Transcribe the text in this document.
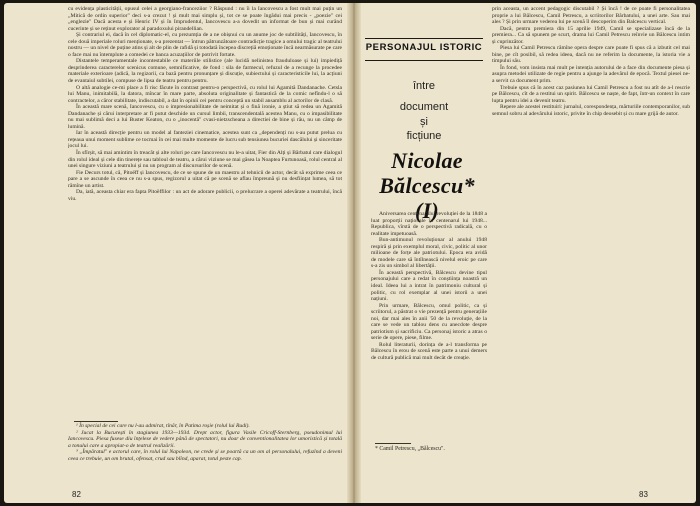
cu evidența plasticității, opusul celei a georgiano-franceziior ? Răspund : nu îi la Iancovescu a fost mult mai puțin un „Mitică de ordin superior" deci s-a crezut ! și mult mai simplu și, tot ce se poate îngădui mai precis - „poezie" cei „englezie" Dacă acesta e și Henric IV și în Imprudentul, Iancovescu a-a dovedit un informat de bun și mai curând cucerinte și se reținut explorator al paradoxului pirandellian.

Și contrariul ei, dacă în cel diplomatic-el, cu prezumția de a ne obișnui cu un anume joc de subtilități, Iancovescu, în cele două imperiale roluri menționate, s-a prezentat — întrun pătrunzătoare contradicție tragice a omului tragic al teatrului nostru — un nivel de puține atins și alt de plin de rafidă și totodată începea discrețiă emoționate încă nearmăsurate pe care o face mai nu întemplute a comedei ce banca acuzațiilor de potrivit fortate.

Distantele temperamentale incontestabile ce materiile stilistice (ale lucidă nelinistea frauduloase și lui) impiediță desprinderea caracterelor scenicus comune, semnificative, de fond : sila de farmecul, refuzul de a recunge la procedee materiale exterioare (adică, la regizorii, ca bază pentru pronunțare și discuție, subiectului și caracteristicile lui, la acțiuni de evantaiul subtilei, compuse de lipsa de teatru pentru pentru.

O altă analogie ce-mi place a fi risc făcute în contrast pentru-o perspectivă, cu rolul lui Agamită Dandanache. Cetsla lui Manu, inimitabilă, la datora, mîncar în mare parte, absoluta originalitate și fantastică de la comic nefîndu-l o să contractelor, a căror stabilitate, indiscutabil, a dat în opinii cei pentru conceptă un stabil ansamblu al actorilor de clasă.

În această mare scenă, Iancovescu, cu o impresionabilitate de neimitat și o fină ironie, a știut să redea un Agamită Dandanache și cărui interpretare ar fi putut deschide un cursul limbii, transcendentală acestea Manu, cu o impasibilitate nu mai sublimă deci a lui Buster Keaton, cu o „inocentă" cvasi-nietzscheana a directiei de bine și rău, nu un câmp de lumină.

Iar în această direcție pentru un model al fanteziei cinematice, acestea sunt ca „dependenți nu s-au putut prelua cu rețeaua unui moment sublime ce tocmai în cei mai multe momente de lucru sub tensiunea bucuriei dascălului și sinceritate jocul lui.

În sfîrșit, să mai amintim în treacăt și alte roluri pe care Iancovescu nu le-a uitat, Fier din Alți și Bărbatul care dialogul din rolul ideal și cele din tinerețe sau tabloul de teatru, a cărui viziune se mai găsea la Noaptea Furtunoasă, rolul central al unei singure viziuni a teatrului și nu un program al discursurilor de scenă.

Fie Decurs totul, că, Pitoëff și Iancovescu, de ce se spune de un maestru al tehnicii de actor, decât să exprime ceea ce pare a se ascunde în ceea ce nu s-a spus, regizorul a uitat că pe scenă se aflau împreună și nu desființat lumea, să tot rămîne un artist.

Da, iată, aceasta chiar era fapta Pitoëffilor : un act de adorare publicii, o prelucrare a operei adevărate a teatrului, încă viu.

¹ În special de cei care nu l-au admirat, tînăr, în Patima roșie (rolul lui Rudi).

² Jucat la București în stagiunea 1933—1934. Drept actor, figura Vasile Cricoff-Sternberg, pseudonimul lui Iancovescu. Piesa fusese diu înțelese de vedere până de spectatori, nu doar de conventionalitatea lor umoristică și totală a tonului care a apropiat-o de teatrul realizării.

³ „Împăratul" e actorul care, în rolul lui Napoleon, ne crede și se poartă ca un om al personalului, refuzînd a deveni ceea ce trebuie, un om brutal, ofensat, crud sau blînd, aparat, totul peste cap.

82
PERSONAJUL ISTORIC
între
document
și
ficțiune
Nicolae Bălcescu* (I)

Aniversarea centenarului revoluției de la 1848 a luat proporții naționale în centenarul lui 1948... Republica, vîrstă de o perspectivă radicală, cu o realitate impetuoasă.

Bun-antimunul revoluționar al anului 1948 respiră și prin exemplul moral, civic, politic al unor milioane de forțe ale patriotului. Epoca era avidă de modele care să întîlnească nivelul eroic pe care s-a zis un simbol al libertății.

În această perspectivă, Bălcescu devine tipul personajului care a redat în conștiința noastră un ideal. Ideea lui a intrat în patrimoniu cultural și politic, cu rol exemplar al unei istorii a unei națiuni.

Prin urmare, Bălcescu, omul politic, ca și scriitorul, a păstrat o vie prezență pentru generațiile noi, dar mai ales în anii '50 de la revoluție, de la care se vede un tablou dens cu anecdote despre patriotism și sacrificiu. Ca personaj istoric a atras o serie de opere, piese, filme.

Rolul literaturii, dorința de a-l transforma pe Bălcescu în erou de scenă este parte a unui demers de cultură publică mai mult decât de creație.

* Camil Petrescu, „Bălcescu".

prin aceasta, un accent pedagogic discutabil ? Și încă ! de ce poate fi personalitatea proprie a lui Bălcescu, Camil Petrescu, a scriitorilor Bărbatului, a unei arte. Sau mai ales ? Și prin urmare vederea lui pe scenă îl descoperim din Balcescu vertical.

Dacă, pentru premiera din 15 aprilie 1949, Camil se specializase încă de la premiera... Ca să spunem pe scurt, drama lui Camil Petrescu reînvie un Bălcescu intim și cuprinzător.

Piesa lui Camil Petrescu rămîne opera despre care poate fi spus că a izbutit cel mai bine, pe cît posibil, să redea ideea, dacă nu ne referim la documente, la istoria vie a timpului său.

În fond, vom insista mai mult pe intenția autorului de a face din documente piesa și asupra metodei utilizate de regie pentru a ajunge la adevărul de epocă. Textul piesei ne-a servit ca document prim.

Trebuie spus că în acest caz pasiunea lui Camil Petrescu a fost nu atît de a-l rescrie pe Bălcescu, cît de a restitui un spirit. Bălcescu se naște, de fapt, într-un context în care lupta pentru idei a devenit teatru.

Repere ale acestei restituiri: jurnalul, corespondența, mărturiile contemporanilor, sub semnul sobru al adevărului istoric, privite în chip deosebit și cu mare grijă de autor.

83
